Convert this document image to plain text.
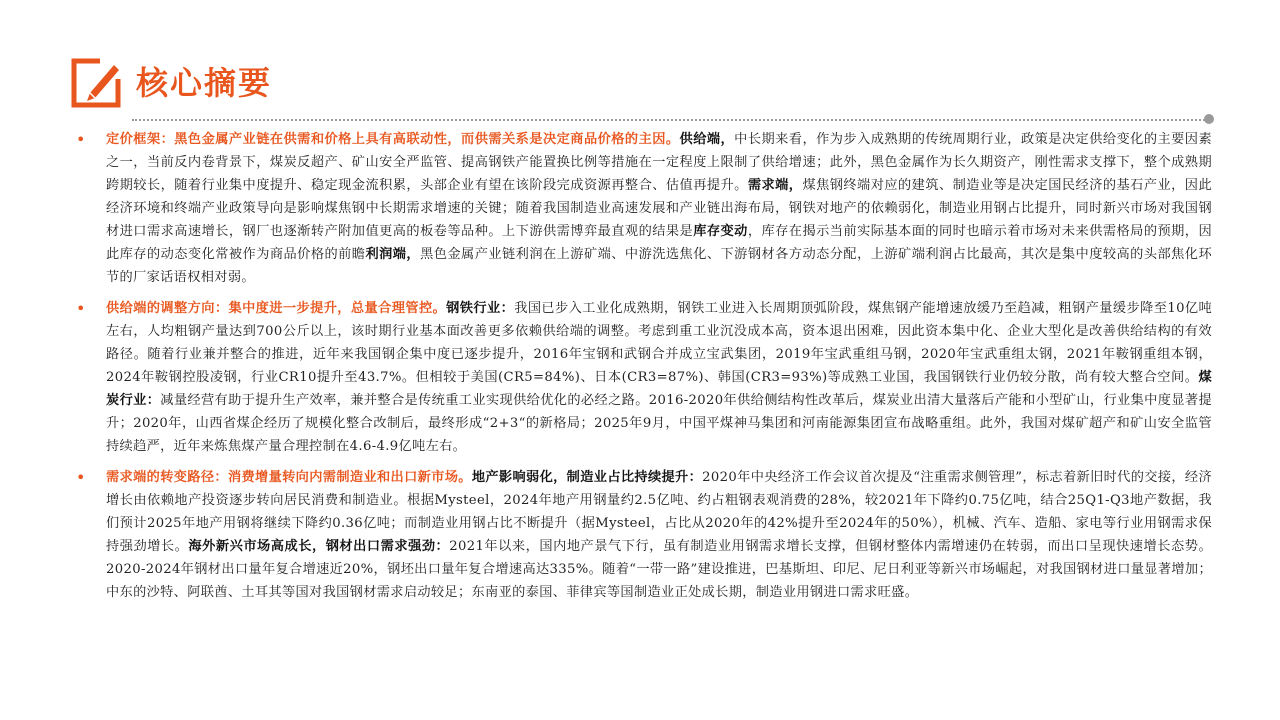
核心摘要
• 定价框架：黑色金属产业链在供需和价格上具有高联动性，而供需关系是决定商品价格的主因。供给端，中长期来看，作为步入成熟期的传统周期行业，政策是决定供给变化的主要因素之一，当前反内卷背景下，煤炭反超产、矿山安全严监管、提高钢铁产能置换比例等措施在一定程度上限制了供给增速；此外，黑色金属作为长久期资产，刚性需求支撑下，整个成熟期跨期较长，随着行业集中度提升、稳定现金流积累，头部企业有望在该阶段完成资源再整合、估值再提升。需求端，煤焦钢终端对应的建筑、制造业等是决定国民经济的基石产业，因此经济环境和终端产业政策导向是影响煤焦钢中长期需求增速的关键；随着我国制造业高速发展和产业链出海布局，钢铁对地产的依赖弱化，制造业用钢占比提升，同时新兴市场对我国钢材进口需求高速增长，钢厂也逐渐转产附加值更高的板卷等品种。上下游供需博弈最直观的结果是库存变动，库存在揭示当前实际基本面的同时也暗示着市场对未来供需格局的预期，因此库存的动态变化常被作为商品价格的前瞻利润端，黑色金属产业链利润在上游矿端、中游洗选焦化、下游钢材各方动态分配，上游矿端利润占比最高，其次是集中度较高的头部焦化环节的厂家话语权相对弱。

• 供给端的调整方向：集中度进一步提升，总量合理管控。钢铁行业：我国已步入工业化成熟期，钢铁工业进入长周期顶弧阶段，煤焦钢产能增速放缓乃至趋减，粗钢产量缓步降至10亿吨左右，人均粗钢产量达到700公斤以上，该时期行业基本面改善更多依赖供给端的调整。考虑到重工业沉没成本高，资本退出困难，因此资本集中化、企业大型化是改善供给结构的有效路径。随着行业兼并整合的推进，近年来我国钢企集中度已逐步提升，2016年宝钢和武钢合并成立宝武集团，2019年宝武重组马钢，2020年宝武重组太钢，2021年鞍钢重组本钢，2024年鞍钢控股凌钢，行业CR10提升至43.7%。但相较于美国(CR5=84%)、日本(CR3=87%)、韩国(CR3=93%)等成熟工业国，我国钢铁行业仍较分散，尚有较大整合空间。煤炭行业：减量经营有助于提升生产效率，兼并整合是传统重工业实现供给优化的必经之路。2016-2020年供给侧结构性改革后，煤炭业出清大量落后产能和小型矿山，行业集中度显著提升；2020年，山西省煤企经历了规模化整合改制后，最终形成“2+3“的新格局；2025年9月，中国平煤神马集团和河南能源集团宣布战略重组。此外，我国对煤矿超产和矿山安全监管持续趋严，近年来炼焦煤产量合理控制在4.6-4.9亿吨左右。

• 需求端的转变路径：消费增量转向内需制造业和出口新市场。地产影响弱化，制造业占比持续提升：2020年中央经济工作会议首次提及“注重需求侧管理”，标志着新旧时代的交接，经济增长由依赖地产投资逐步转向居民消费和制造业。根据Mysteel，2024年地产用钢量约2.5亿吨、约占粗钢表观消费的28%，较2021年下降约0.75亿吨，结合25Q1-Q3地产数据，我们预计2025年地产用钢将继续下降约0.36亿吨；而制造业用钢占比不断提升（据Mysteel，占比从2020年的42%提升至2024年的50%），机械、汽车、造船、家电等行业用钢需求保持强劲增长。海外新兴市场高成长，钢材出口需求强劲：2021年以来，国内地产景气下行，虽有制造业用钢需求增长支撑，但钢材整体内需增速仍在转弱，而出口呈现快速增长态势。2020-2024年钢材出口量年复合增速近20%，钢坯出口量年复合增速高达335%。随着“一带一路”建设推进，巴基斯坦、印尼、尼日利亚等新兴市场崛起，对我国钢材进口量显著增加；中东的沙特、阿联酋、土耳其等国对我国钢材需求启动较足；东南亚的泰国、菲律宾等国制造业正处成长期，制造业用钢进口需求旺盛。
